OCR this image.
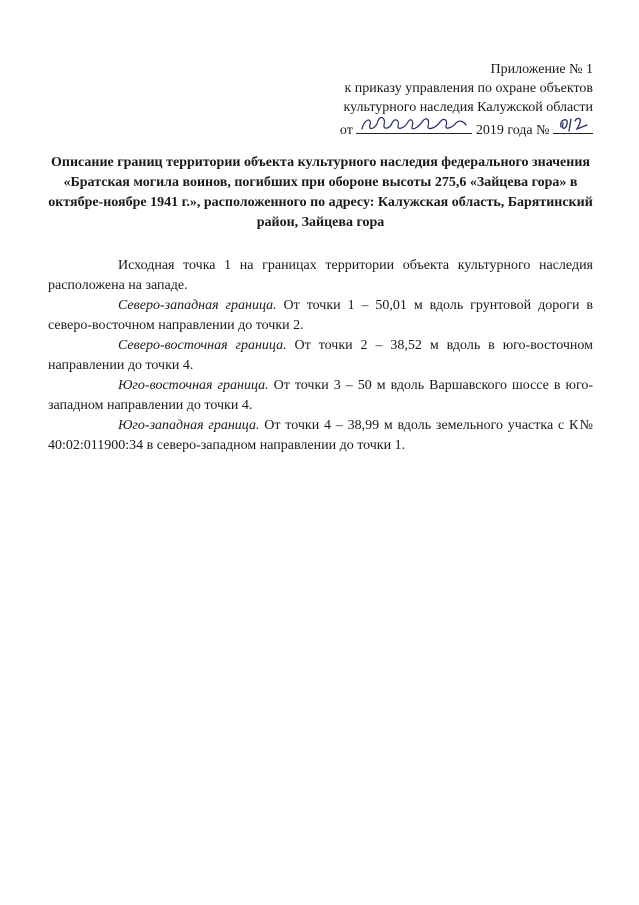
Приложение № 1
к приказу управления по охране объектов
культурного наследия Калужской области
от	2019 года №
Описание границ территории объекта культурного наследия федерального значения «Братская могила воинов, погибших при обороне высоты 275,6 «Зайцева гора» в октябре-ноябре 1941 г.», расположенного по адресу: Калужская область, Барятинский район, Зайцева гора

Исходная точка 1 на границах территории объекта культурного наследия расположена на западе.

Северо-западная граница. От точки 1 – 50,01 м вдоль грунтовой дороги в северо-восточном направлении до точки 2.

Северо-восточная граница. От точки 2 – 38,52 м вдоль в юго-восточном направлении до точки 4.

Юго-восточная граница. От точки 3 – 50 м вдоль Варшавского шоссе в юго-западном направлении до точки 4.

Юго-западная граница. От точки 4 – 38,99 м вдоль земельного участка с К№ 40:02:011900:34 в северо-западном направлении до точки 1.
